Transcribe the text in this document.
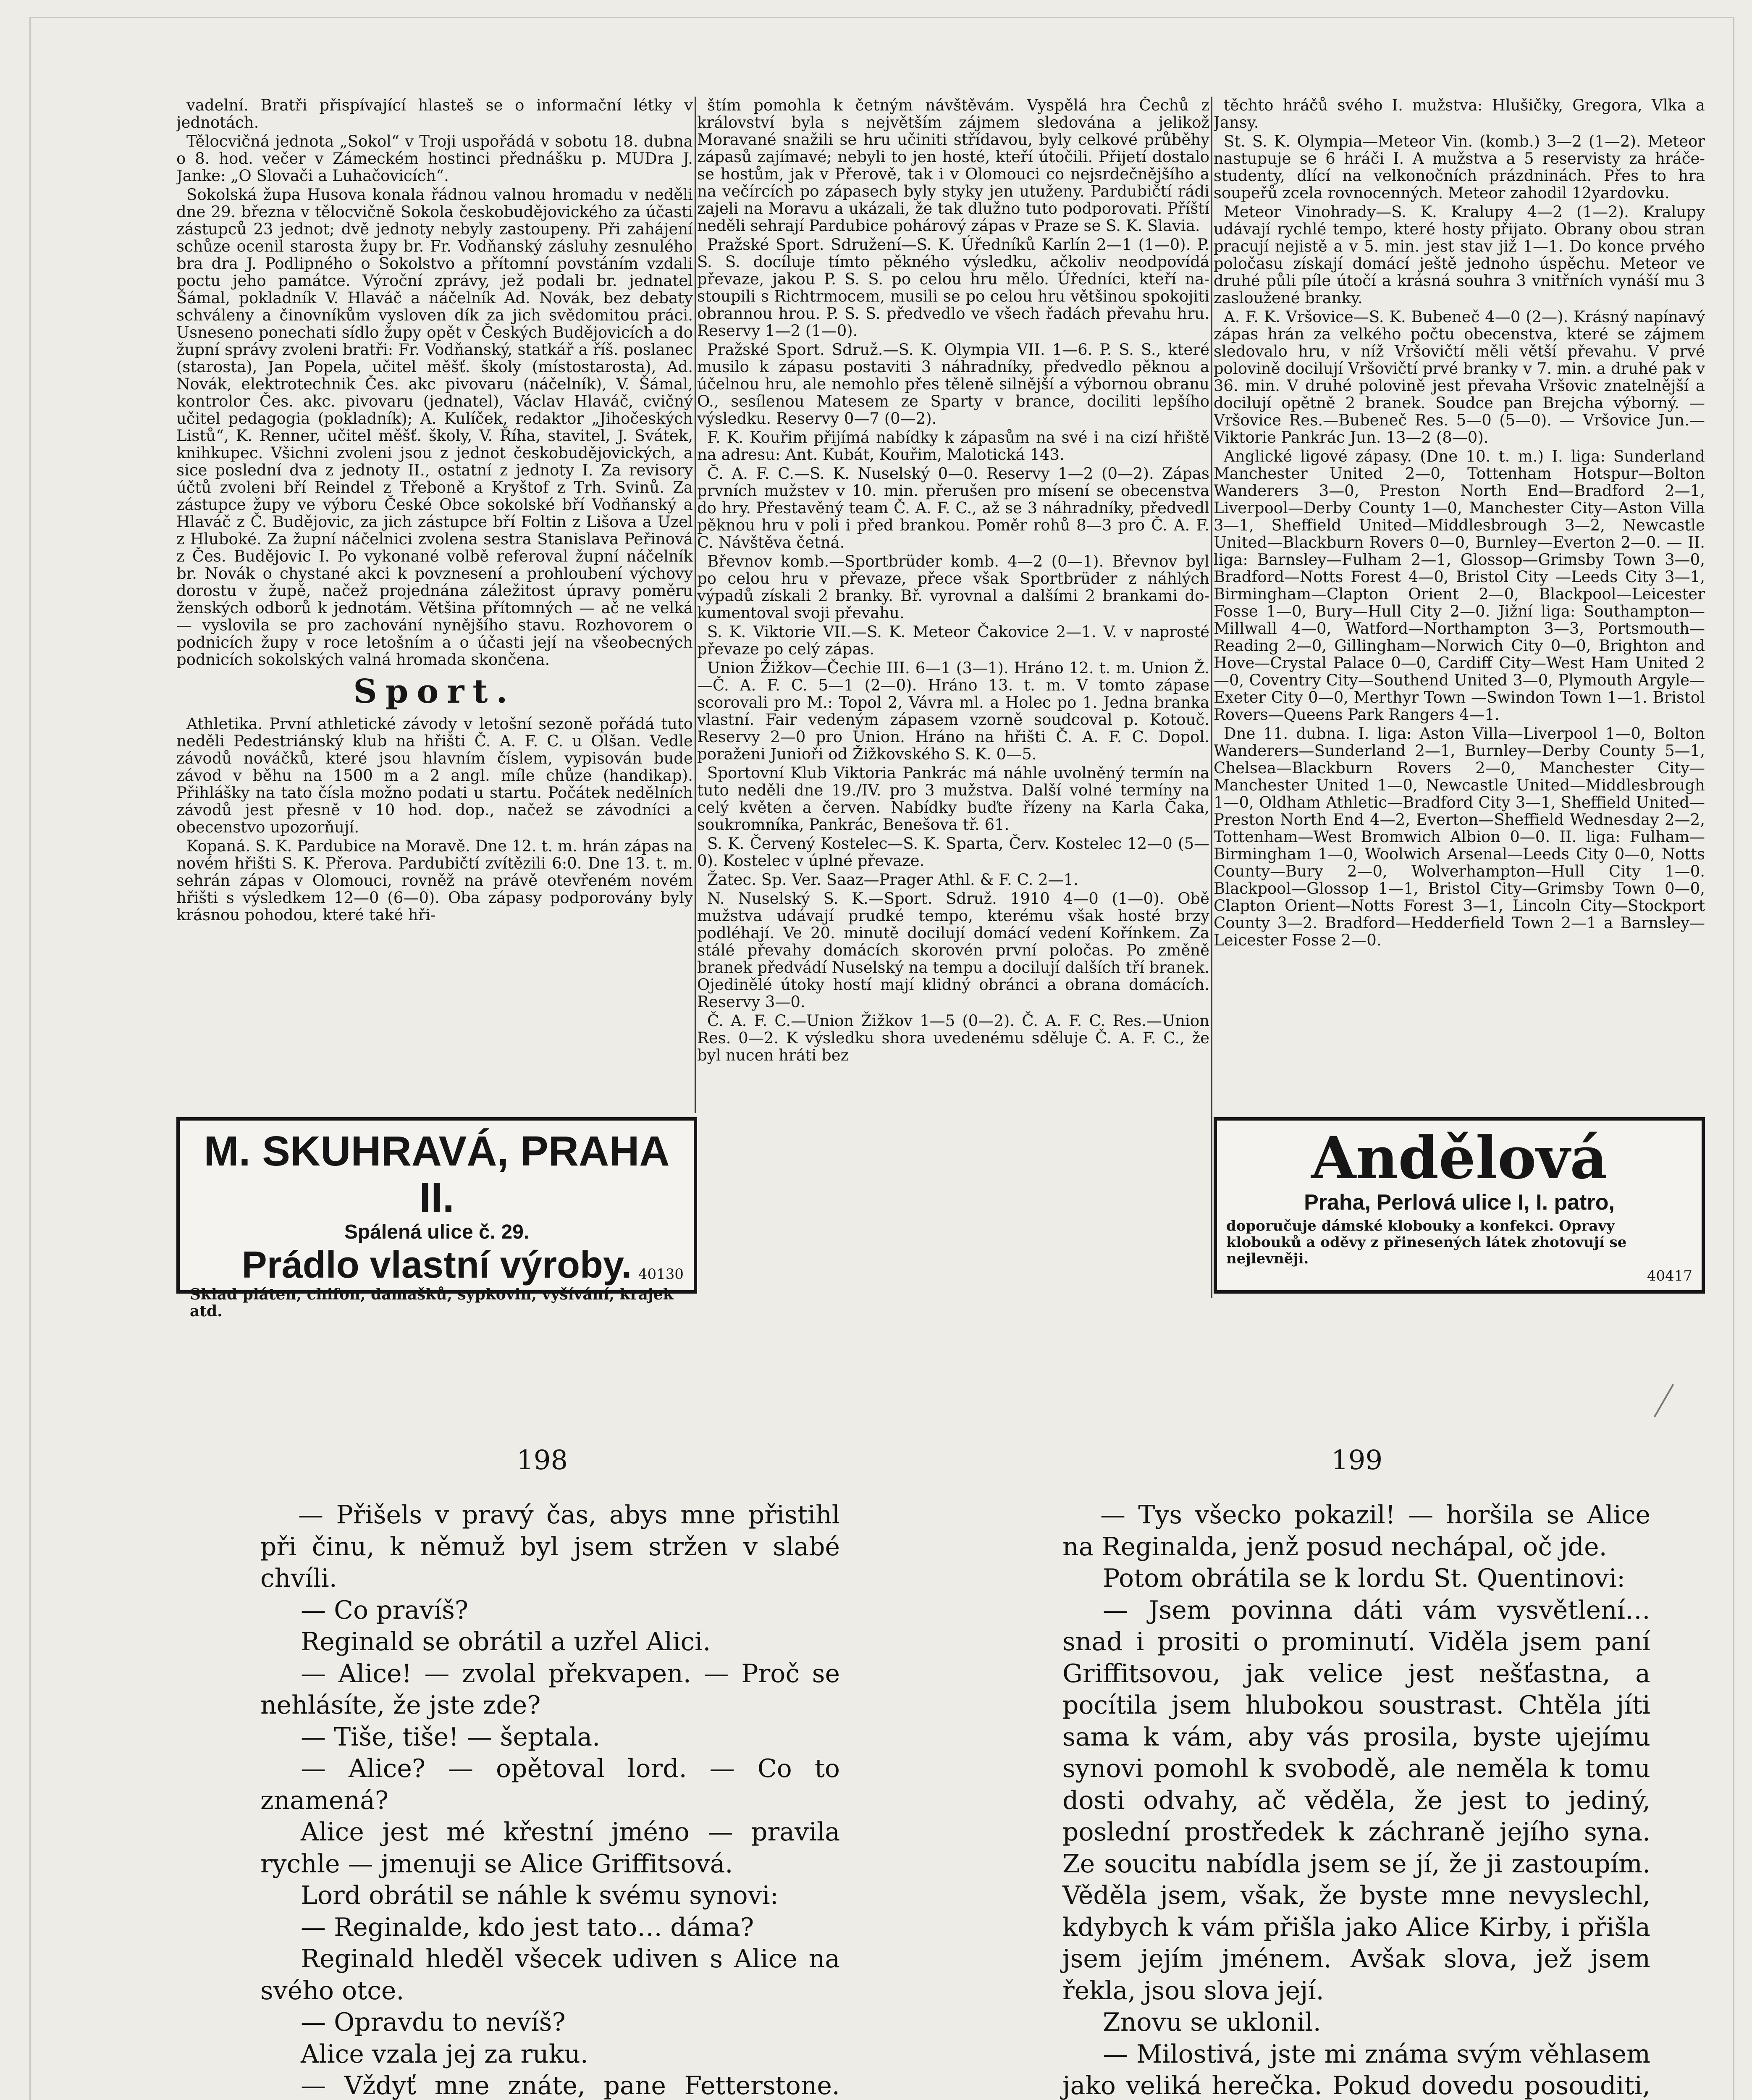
vadelní. Bratři přispívající hlasteš se o informační létky v jednotách.

Tělocvičná jednota „Sokol“ v Troji uspořádá v sobotu 18. dubna o 8. hod. večer v Zámeckém hostinci přednášku p. MUDra J. Janke: „O Slovači a Luhačovicích“.

Sokolská župa Husova konala řádnou valnou hromadu v neděli dne 29. března v tělocvičně Sokola českobudějovického za účasti zástupců 23 jednot; dvě jednoty nebyly zastoupeny. Při zahájení schůze ocenil starosta župy br. Fr. Vodňanský zásluhy zesnulého bra dra J. Podlipného o Sokolstvo a přítomní povstáním vzdali poctu jeho památce. Výroční zprávy, jež podali br. jednatel Šámal, pokladník V. Hlaváč a náčelník Ad. Novák, bez debaty schváleny a činovníkům vysloven dík za jich svědomitou práci. Usneseno ponechati sídlo župy opět v Českých Budějovicích a do župní správy zvoleni bratři: Fr. Vodňanský, statkář a říš. poslanec (starosta), Jan Popela, učitel měšť. školy (místostarosta), Ad. Novák, elektrotechnik Čes. akc pivovaru (náčelník), V. Šámal, kontrolor Čes. akc. pivovaru (jednatel), Václav Hlaváč, cvičný učitel pedagogia (pokladník); A. Kulíček, redaktor „Jihočeských Listů“, K. Renner, učitel měšť. školy, V. Říha, stavitel, J. Svátek, knihkupec. Všichni zvoleni jsou z jednot českobudějovických, a sice poslední dva z jednoty II., ostatní z jednoty I. Za revisory účtů zvoleni bří Reindel z Třeboně a Kryštof z Trh. Svinů. Za zástupce župy ve výboru České Obce sokolské bří Vodňanský a Hlaváč z Č. Budějovic, za jich zástupce bří Foltin z Lišova a Uzel z Hluboké. Za župní náčelnici zvolena sestra Stanislava Peřinová z Čes. Budějovic I. Po vykonané volbě referoval župní náčelník br. Novák o chystané akci k povznesení a prohloubení výchovy dorostu v župě, načež projednána záležitost úpravy poměru ženských odborů k jednotám. Většina přítomných — ač ne velká — vyslovila se pro zachování nynějšího stavu. Rozhovorem o podnicích župy v roce letošním a o účasti její na všeobecných podnicích sokolských valná hromada skončena.

Sport.

Athletika. První athletické závody v letošní sezoně pořádá tuto neděli Pedestriánský klub na hřišti Č. A. F. C. u Olšan. Vedle závodů nováčků, které jsou hlavním číslem, vypisován bude závod v běhu na 1500 m a 2 angl. míle chůze (handikap). Přihlášky na tato čísla možno podati u startu. Počátek nedělních závodů jest přesně v 10 hod. dop., načež se závodníci a obecenstvo upozorňují.

Kopaná. S. K. Pardubice na Moravě. Dne 12. t. m. hrán zápas na novém hřišti S. K. Přerova. Pardubičtí zvítězili 6:0. Dne 13. t. m. sehrán zápas v Olomouci, rovněž na právě otevřeném novém hřišti s výsledkem 12—0 (6—0). Oba zápasy podporovány byly krásnou pohodou, které také hři-

štím pomohla k četným návštěvám. Vyspělá hra Čechů z království byla s největším zájmem sledována a jelikož Moravané snažili se hru učiniti střídavou, byly celkové průběhy zápasů zajímavé; nebyli to jen hosté, kteří útočili. Přijetí dostalo se hostům, jak v Přerově, tak i v Olomouci co nejsrdečnějšího a na večírcích po zápasech byly styky jen utuženy. Pardubičtí rádi zajeli na Moravu a ukázali, že tak dlužno tuto podporovati. Příští neděli sehrají Pardubice pohárový zápas v Praze se S. K. Slavia.

Pražské Sport. Sdružení—S. K. Úředníků Karlín 2—1 (1—0). P. S. S. docíluje tímto pěkného výsledku, ačkoliv neodpovídá převaze, jakou P. S. S. po celou hru mělo. Úředníci, kteří nastoupili s Richtrmocem, musili se po celou hru většinou spokojiti obrannou hrou. P. S. S. předvedlo ve všech řadách převahu hru. Reservy 1—2 (1—0).

Pražské Sport. Sdruž.—S. K. Olympia VII. 1—6. P. S. S., které musilo k zápasu postaviti 3 náhradníky, předvedlo pěknou a účelnou hru, ale nemohlo přes těleně silnější a výbornou obranu O., sesílenou Matesem ze Sparty v brance, dociliti lepšího výsledku. Reservy 0—7 (0—2).

F. K. Kouřim přijímá nabídky k zápasům na své i na cizí hřiště na adresu: Ant. Kubát, Kouřim, Malotická 143.

Č. A. F. C.—S. K. Nuselský 0—0. Reservy 1—2 (0—2). Zápas prvních mužstev v 10. min. přerušen pro mísení se obecenstva do hry. Přestavěný team Č. A. F. C., až se 3 náhradníky, předvedl pěknou hru v poli i před brankou. Poměr rohů 8—3 pro Č. A. F. C. Návštěva četná.

Břevnov komb.—Sportbrüder komb. 4—2 (0—1). Břevnov byl po celou hru v převaze, přece však Sportbrüder z náhlých výpadů získali 2 branky. Bř. vyrovnal a dalšími 2 brankami dokumentoval svoji převahu.

S. K. Viktorie VII.—S. K. Meteor Čakovice 2—1. V. v naprosté převaze po celý zápas.

Union Žižkov—Čechie III. 6—1 (3—1). Hráno 12. t. m. Union Ž.—Č. A. F. C. 5—1 (2—0). Hráno 13. t. m. V tomto zápase scorovali pro M.: Topol 2, Vávra ml. a Holec po 1. Jedna branka vlastní. Fair vedeným zápasem vzorně soudcoval p. Kotouč. Reservy 2—0 pro Union. Hráno na hřišti Č. A. F. C. Dopol. poraženi Junioři od Žižkovského S. K. 0—5.

Sportovní Klub Viktoria Pankrác má náhle uvolněný termín na tuto neděli dne 19./IV. pro 3 mužstva. Další volné termíny na celý květen a červen. Nabídky buďte řízeny na Karla Čaka, soukromníka, Pankrác, Benešova tř. 61.

S. K. Červený Kostelec—S. K. Sparta, Červ. Kostelec 12—0 (5—0). Kostelec v úplné převaze.

Žatec. Sp. Ver. Saaz—Prager Athl. & F. C. 2—1.

N. Nuselský S. K.—Sport. Sdruž. 1910 4—0 (1—0). Obě mužstva udávají prudké tempo, kterému však hosté brzy podléhají. Ve 20. minutě docilují domácí vedení Kořínkem. Za stálé převahy domácích skorovén první poločas. Po změně branek předvádí Nuselský na tempu a docilují dalších tří branek. Ojedinělé útoky hostí mají klidný obránci a obrana domácích. Reservy 3—0.

Č. A. F. C.—Union Žižkov 1—5 (0—2). Č. A. F. C. Res.—Union Res. 0—2. K výsledku shora uvedenému sděluje Č. A. F. C., že byl nucen hráti bez

těchto hráčů svého I. mužstva: Hlušičky, Gregora, Vlka a Jansy.

St. S. K. Olympia—Meteor Vin. (komb.) 3—2 (1—2). Meteor nastupuje se 6 hráči I. A mužstva a 5 reservisty za hráče-studenty, dlící na velkonočních prázdninách. Přes to hra soupeřů zcela rovnocenných. Meteor zahodil 12yardovku.

Meteor Vinohrady—S. K. Kralupy 4—2 (1—2). Kralupy udávají rychlé tempo, které hosty přijato. Obrany obou stran pracují nejistě a v 5. min. jest stav již 1—1. Do konce prvého poločasu získají domácí ještě jednoho úspěchu. Meteor ve druhé půli píle útočí a krásná souhra 3 vnitřních vynáší mu 3 zasloužené branky.

A. F. K. Vršovice—S. K. Bubeneč 4—0 (2—). Krásný napínavý zápas hrán za velkého počtu obecenstva, které se zájmem sledovalo hru, v níž Vršovičtí měli větší převahu. V prvé polovině docilují Vršovičtí prvé branky v 7. min. a druhé pak v 36. min. V druhé polovině jest převaha Vršovic znatelnější a docilují opětně 2 branek. Soudce pan Brejcha výborný. — Vršovice Res.—Bubeneč Res. 5—0 (5—0). — Vršovice Jun.—Viktorie Pankrác Jun. 13—2 (8—0).

Anglické ligové zápasy. (Dne 10. t. m.) I. liga: Sunderland Manchester United 2—0, Tottenham Hotspur—Bolton Wanderers 3—0, Preston North End—Bradford 2—1, Liverpool—Derby County 1—0, Manchester City—Aston Villa 3—1, Sheffield United—Middlesbrough 3—2, Newcastle United—Blackburn Rovers 0—0, Burnley—Everton 2—0. — II. liga: Barnsley—Fulham 2—1, Glossop—Grimsby Town 3—0, Bradford—Notts Forest 4—0, Bristol City —Leeds City 3—1, Birmingham—Clapton Orient 2—0, Blackpool—Leicester Fosse 1—0, Bury—Hull City 2—0. Jižní liga: Southampton—Millwall 4—0, Watford—Northampton 3—3, Portsmouth—Reading 2—0, Gillingham—Norwich City 0—0, Brighton and Hove—Crystal Palace 0—0, Cardiff City—West Ham United 2—0, Coventry City—Southend United 3—0, Plymouth Argyle—Exeter City 0—0, Merthyr Town —Swindon Town 1—1. Bristol Rovers—Queens Park Rangers 4—1.

Dne 11. dubna. I. liga: Aston Villa—Liverpool 1—0, Bolton Wanderers—Sunderland 2—1, Burnley—Derby County 5—1, Chelsea—Blackburn Rovers 2—0, Manchester City—Manchester United 1—0, Newcastle United—Middlesbrough 1—0, Oldham Athletic—Bradford City 3—1, Sheffield United—Preston North End 4—2, Everton—Sheffield Wednesday 2—2, Tottenham—West Bromwich Albion 0—0. II. liga: Fulham—Birmingham 1—0, Woolwich Arsenal—Leeds City 0—0, Notts County—Bury 2—0, Wolverhampton—Hull City 1—0. Blackpool—Glossop 1—1, Bristol City—Grimsby Town 0—0, Clapton Orient—Notts Forest 3—1, Lincoln City—Stockport County 3—2. Bradford—Hedderfield Town 2—1 a Barnsley—Leicester Fosse 2—0.

M. SKUHRAVÁ, PRAHA II.
Spálená ulice č. 29.
Prádlo vlastní výroby.
Sklad pláten, chifon, damašků, sypkovin, vyšívání, krajek atd.
40130
Andělová
Praha, Perlová ulice I, I. patro,
doporučuje dámské klobouky a konfekci. Opravy klobouků a oděvy z přinesených látek zhotovují se nejlevněji.
40417
198	199

— Přišels v pravý čas, abys mne přistihl při činu, k němuž byl jsem stržen v slabé chvíli.

— Co pravíš?

Reginald se obrátil a uzřel Alici.

— Alice! — zvolal překvapen. — Proč se nehlásíte, že jste zde?

— Tiše, tiše! — šeptala.

— Alice? — opětoval lord. — Co to znamená?

Alice jest mé křestní jméno — pravila rychle — jmenuji se Alice Griffitsová.

Lord obrátil se náhle k svému synovi:

— Reginalde, kdo jest tato… dáma?

Reginald hleděl všecek udiven s Alice na svého otce.

— Opravdu to nevíš?

Alice vzala jej za ruku.

— Vždyť mne znáte, pane Fetterstone.

— Tys všecko pokazil! — horšila se Alice na Reginalda, jenž posud nechápal, oč jde.

Potom obrátila se k lordu St. Quentinovi:

— Jsem povinna dáti vám vysvětlení… snad i prositi o prominutí. Viděla jsem paní Griffitsovou, jak velice jest nešťastna, a pocítila jsem hlubokou soustrast. Chtěla jíti sama k vám, aby vás prosila, byste ujejímu synovi pomohl k svobodě, ale neměla k tomu dosti odvahy, ač věděla, že jest to jediný, poslední prostředek k záchraně jejího syna. Ze soucitu nabídla jsem se jí, že ji zastoupím. Věděla jsem, však, že byste mne nevyslechl, kdybych k vám přišla jako Alice Kirby, i přišla jsem jejím jménem. Avšak slova, jež jsem řekla, jsou slova její.

Znovu se uklonil.

— Milostivá, jste mi známa svým věhlasem jako veliká herečka. Pokud dovedu posouditi,
